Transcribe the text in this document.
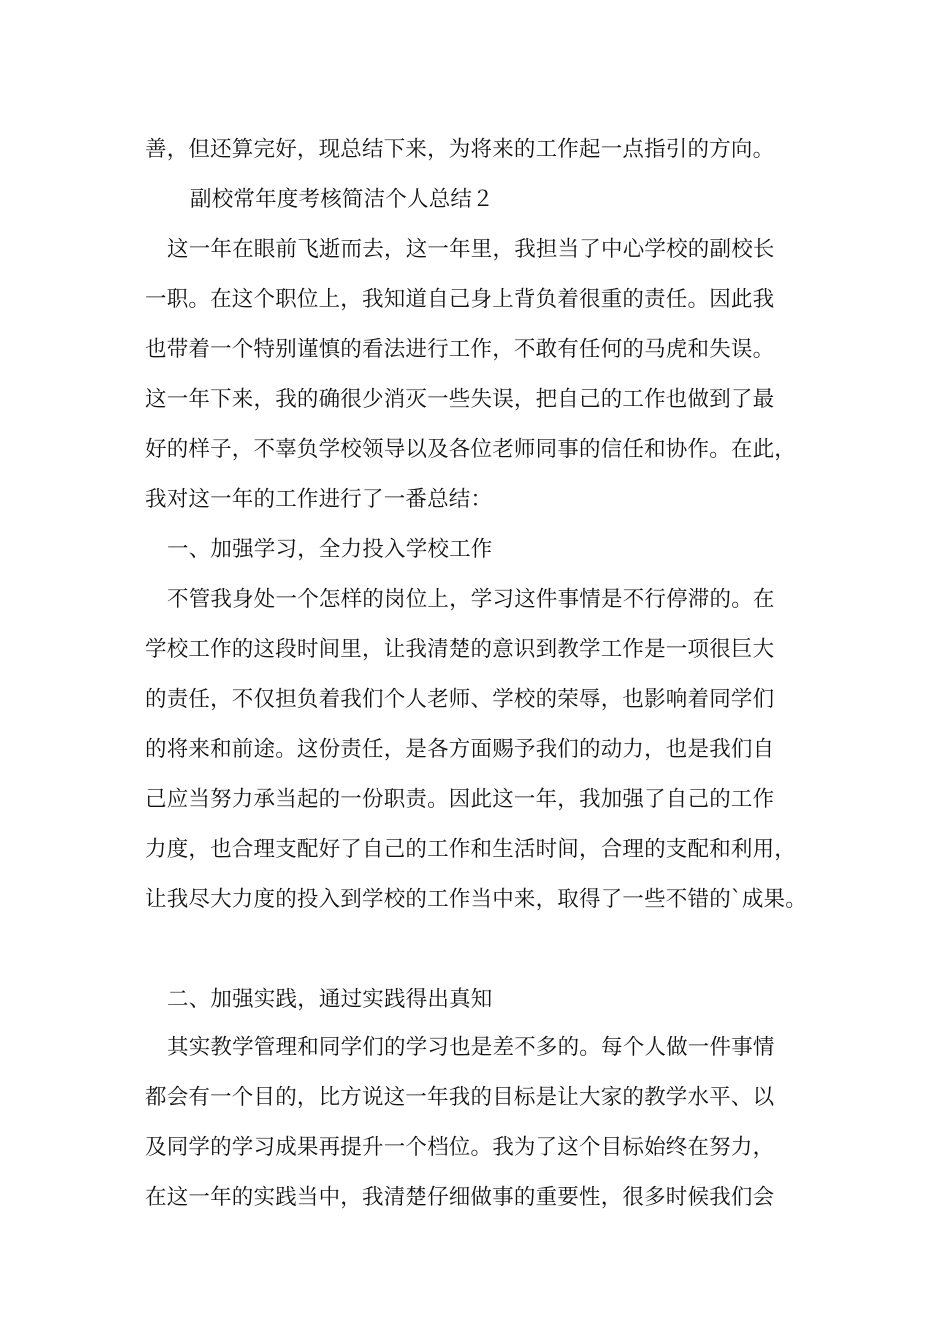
善，但还算完好，现总结下来，为将来的工作起一点指引的方向。
副校常年度考核简洁个人总结２
这一年在眼前飞逝而去，这一年里，我担当了中心学校的副校长
一职。在这个职位上，我知道自己身上背负着很重的责任。因此我
也带着一个特别谨慎的看法进行工作，不敢有任何的马虎和失误。
这一年下来，我的确很少消灭一些失误，把自己的工作也做到了最
好的样子，不辜负学校领导以及各位老师同事的信任和协作。在此，
我对这一年的工作进行了一番总结：
一、加强学习，全力投入学校工作
不管我身处一个怎样的岗位上，学习这件事情是不行停滞的。在
学校工作的这段时间里，让我清楚的意识到教学工作是一项很巨大
的责任，不仅担负着我们个人老师、学校的荣辱，也影响着同学们
的将来和前途。这份责任，是各方面赐予我们的动力，也是我们自
己应当努力承当起的一份职责。因此这一年，我加强了自己的工作
力度，也合理支配好了自己的工作和生活时间，合理的支配和利用，
让我尽大力度的投入到学校的工作当中来，取得了一些不错的`成果。
二、加强实践，通过实践得出真知
其实教学管理和同学们的学习也是差不多的。每个人做一件事情
都会有一个目的，比方说这一年我的目标是让大家的教学水平、以
及同学的学习成果再提升一个档位。我为了这个目标始终在努力，
在这一年的实践当中，我清楚仔细做事的重要性，很多时候我们会
